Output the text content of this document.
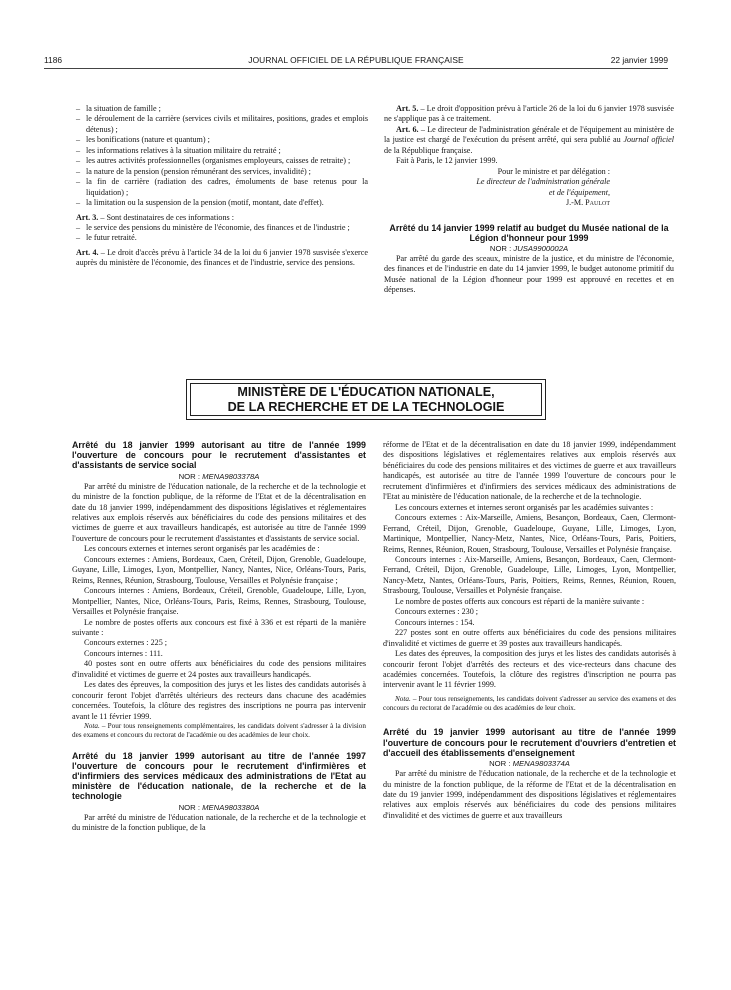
1186	JOURNAL OFFICIEL DE LA RÉPUBLIQUE FRANÇAISE	22 janvier 1999

– la situation de famille ;

– le déroulement de la carrière (services civils et militaires, positions, grades et emplois détenus) ;

– les bonifications (nature et quantum) ;

– les informations relatives à la situation militaire du retraité ;

– les autres activités professionnelles (organismes employeurs, caisses de retraite) ;

– la nature de la pension (pension rémunérant des services, invalidité) ;

– la fin de carrière (radiation des cadres, émoluments de base retenus pour la liquidation) ;

– la limitation ou la suspension de la pension (motif, montant, date d'effet).

Art. 3. – Sont destinataires de ces informations :

– le service des pensions du ministère de l'économie, des finances et de l'industrie ;

– le futur retraité.

Art. 4. – Le droit d'accès prévu à l'article 34 de la loi du 6 janvier 1978 susvisée s'exerce auprès du ministère de l'économie, des finances et de l'industrie, service des pensions.

Art. 5. – Le droit d'opposition prévu à l'article 26 de la loi du 6 janvier 1978 susvisée ne s'applique pas à ce traitement.

Art. 6. – Le directeur de l'administration générale et de l'équipement au ministère de la justice est chargé de l'exécution du présent arrêté, qui sera publié au Journal officiel de la République française.

Fait à Paris, le 12 janvier 1999.

Pour le ministre et par délégation :
Le directeur de l'administration générale
et de l'équipement,
J.-M. Paulot

Arrêté du 14 janvier 1999 relatif au budget du Musée national de la Légion d'honneur pour 1999

NOR : JUSA9900002A

Par arrêté du garde des sceaux, ministre de la justice, et du ministre de l'économie, des finances et de l'industrie en date du 14 janvier 1999, le budget autonome primitif du Musée national de la Légion d'honneur pour 1999 est approuvé en recettes et en dépenses.

MINISTÈRE DE L'ÉDUCATION NATIONALE,
DE LA RECHERCHE ET DE LA TECHNOLOGIE

Arrêté du 18 janvier 1999 autorisant au titre de l'année 1999 l'ouverture de concours pour le recrutement d'assistantes et d'assistants de service social

NOR : MENA9803378A

Par arrêté du ministre de l'éducation nationale, de la recherche et de la technologie et du ministre de la fonction publique, de la réforme de l'Etat et de la décentralisation en date du 18 janvier 1999, indépendamment des dispositions législatives et réglementaires relatives aux emplois réservés aux bénéficiaires du code des pensions militaires et des victimes de guerre et aux travailleurs handicapés, est autorisée au titre de l'année 1999 l'ouverture de concours pour le recrutement d'assistantes et d'assistants de service social.

Les concours externes et internes seront organisés par les académies de :

Concours externes : Amiens, Bordeaux, Caen, Créteil, Dijon, Grenoble, Guadeloupe, Guyane, Lille, Limoges, Lyon, Montpellier, Nancy, Nantes, Nice, Orléans-Tours, Paris, Reims, Rennes, Réunion, Strasbourg, Toulouse, Versailles et Polynésie française ;

Concours internes : Amiens, Bordeaux, Créteil, Grenoble, Guadeloupe, Lille, Lyon, Montpellier, Nantes, Nice, Orléans-Tours, Paris, Reims, Rennes, Strasbourg, Toulouse, Versailles et Polynésie française.

Le nombre de postes offerts aux concours est fixé à 336 et est réparti de la manière suivante :

Concours externes : 225 ;

Concours internes : 111.

40 postes sont en outre offerts aux bénéficiaires du code des pensions militaires d'invalidité et victimes de guerre et 24 postes aux travailleurs handicapés.

Les dates des épreuves, la composition des jurys et les listes des candidats autorisés à concourir feront l'objet d'arrêtés ultérieurs des recteurs dans chacune des académies concernées. Toutefois, la clôture des registres des inscriptions ne pourra pas intervenir avant le 11 février 1999.

Nota. – Pour tous renseignements complémentaires, les candidats doivent s'adresser à la division des examens et concours du rectorat de l'académie ou des académies de leur choix.

Arrêté du 18 janvier 1999 autorisant au titre de l'année 1997 l'ouverture de concours pour le recrutement d'infirmières et d'infirmiers des services médicaux des administrations de l'Etat au ministère de l'éducation nationale, de la recherche et de la technologie

NOR : MENA9803380A

Par arrêté du ministre de l'éducation nationale, de la recherche et de la technologie et du ministre de la fonction publique, de la

réforme de l'Etat et de la décentralisation en date du 18 janvier 1999, indépendamment des dispositions législatives et réglementaires relatives aux emplois réservés aux bénéficiaires du code des pensions militaires et des victimes de guerre et aux travailleurs handicapés, est autorisée au titre de l'année 1999 l'ouverture de concours pour le recrutement d'infirmières et d'infirmiers des services médicaux des administrations de l'Etat au ministère de l'éducation nationale, de la recherche et de la technologie.

Les concours externes et internes seront organisés par les académies suivantes :

Concours externes : Aix-Marseille, Amiens, Besançon, Bordeaux, Caen, Clermont-Ferrand, Créteil, Dijon, Grenoble, Guadeloupe, Guyane, Lille, Limoges, Lyon, Martinique, Montpellier, Nancy-Metz, Nantes, Nice, Orléans-Tours, Paris, Poitiers, Reims, Rennes, Réunion, Rouen, Strasbourg, Toulouse, Versailles et Polynésie française.

Concours internes : Aix-Marseille, Amiens, Besançon, Bordeaux, Caen, Clermont-Ferrand, Créteil, Dijon, Grenoble, Guadeloupe, Lille, Limoges, Lyon, Montpellier, Nancy-Metz, Nantes, Orléans-Tours, Paris, Poitiers, Reims, Rennes, Réunion, Rouen, Strasbourg, Toulouse, Versailles et Polynésie française.

Le nombre de postes offerts aux concours est réparti de la manière suivante :

Concours externes : 230 ;

Concours internes : 154.

227 postes sont en outre offerts aux bénéficiaires du code des pensions militaires d'invalidité et victimes de guerre et 39 postes aux travailleurs handicapés.

Les dates des épreuves, la composition des jurys et les listes des candidats autorisés à concourir feront l'objet d'arrêtés des recteurs et des vice-recteurs dans chacune des académies concernées. Toutefois, la clôture des registres d'inscription ne pourra pas intervenir avant le 11 février 1999.

Nota. – Pour tous renseignements, les candidats doivent s'adresser au service des examens et des concours du rectorat de l'académie ou des académies de leur choix.

Arrêté du 19 janvier 1999 autorisant au titre de l'année 1999 l'ouverture de concours pour le recrutement d'ouvriers d'entretien et d'accueil des établissements d'enseignement

NOR : MENA9803374A

Par arrêté du ministre de l'éducation nationale, de la recherche et de la technologie et du ministre de la fonction publique, de la réforme de l'Etat et de la décentralisation en date du 19 janvier 1999, indépendamment des dispositions législatives et réglementaires relatives aux emplois réservés aux bénéficiaires du code des pensions militaires d'invalidité et des victimes de guerre et aux travailleurs
